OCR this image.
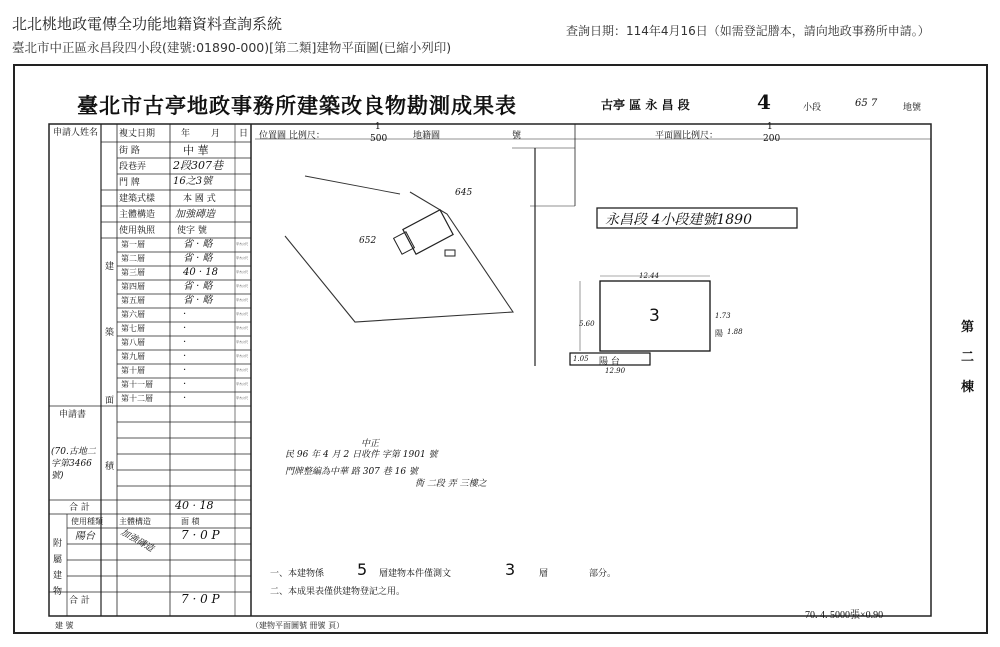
北北桃地政電傳全功能地籍資料查詢系統
臺北市中正區永昌段四小段(建號:01890-000)[第二類]建物平面圖(已縮小列印)
查詢日期：114年4月16日（如需登記謄本，請向地政事務所申請。）
臺北市古亭地政事務所建築改良物勘測成果表	古亭 區 永 昌 段	4	小段	65 7	地號
位置圖 比例尺：
1
500	地籍圖	號	平面圖比例尺：
1
200
645
652
永昌段 4小段建號1890
3
12.44
5.60
1.73
1.88
陽
陽 台
1.05
12.90
中正
民 96 年 4 月 2 日收件 字第 1901 號
門牌整編為中華 路 307 巷 16 號
衖 二段 弄 三樓之
一、本建物係 5 層建物本件僅測文	3	層	部分。
二、本成果表僅供建物登記之用。
70. 4. 5000張×0.90
（建物平面圖號 冊號 頁）
建 號
第
二
棟
申請人姓名 複丈日期	年 月 日
街 路	中 華
段巷弄 2段307巷
門 牌	16之3號
建築式樣	本 國 式
主體構造 加強磚造
使用執照 使字 號
建
築
面
積
第一層	省 · 略	平方公尺
第二層	省 · 略	平方公尺
第三層	40 · 18	平方公尺
第四層	省 · 略	平方公尺
第五層	省 · 略	平方公尺
第六層	·	平方公尺
第七層	·	平方公尺
第八層	·	平方公尺
第九層	·	平方公尺
第十層	·	平方公尺
第十一層	·	平方公尺
第十二層	·	平方公尺
申請書
(70.古地二字第3466號)
合 計	40 · 18
附屬建物
使用種類 主體構造	面 積
陽台	加強磚造 7 · 0 P
合 計	7 · 0 P
